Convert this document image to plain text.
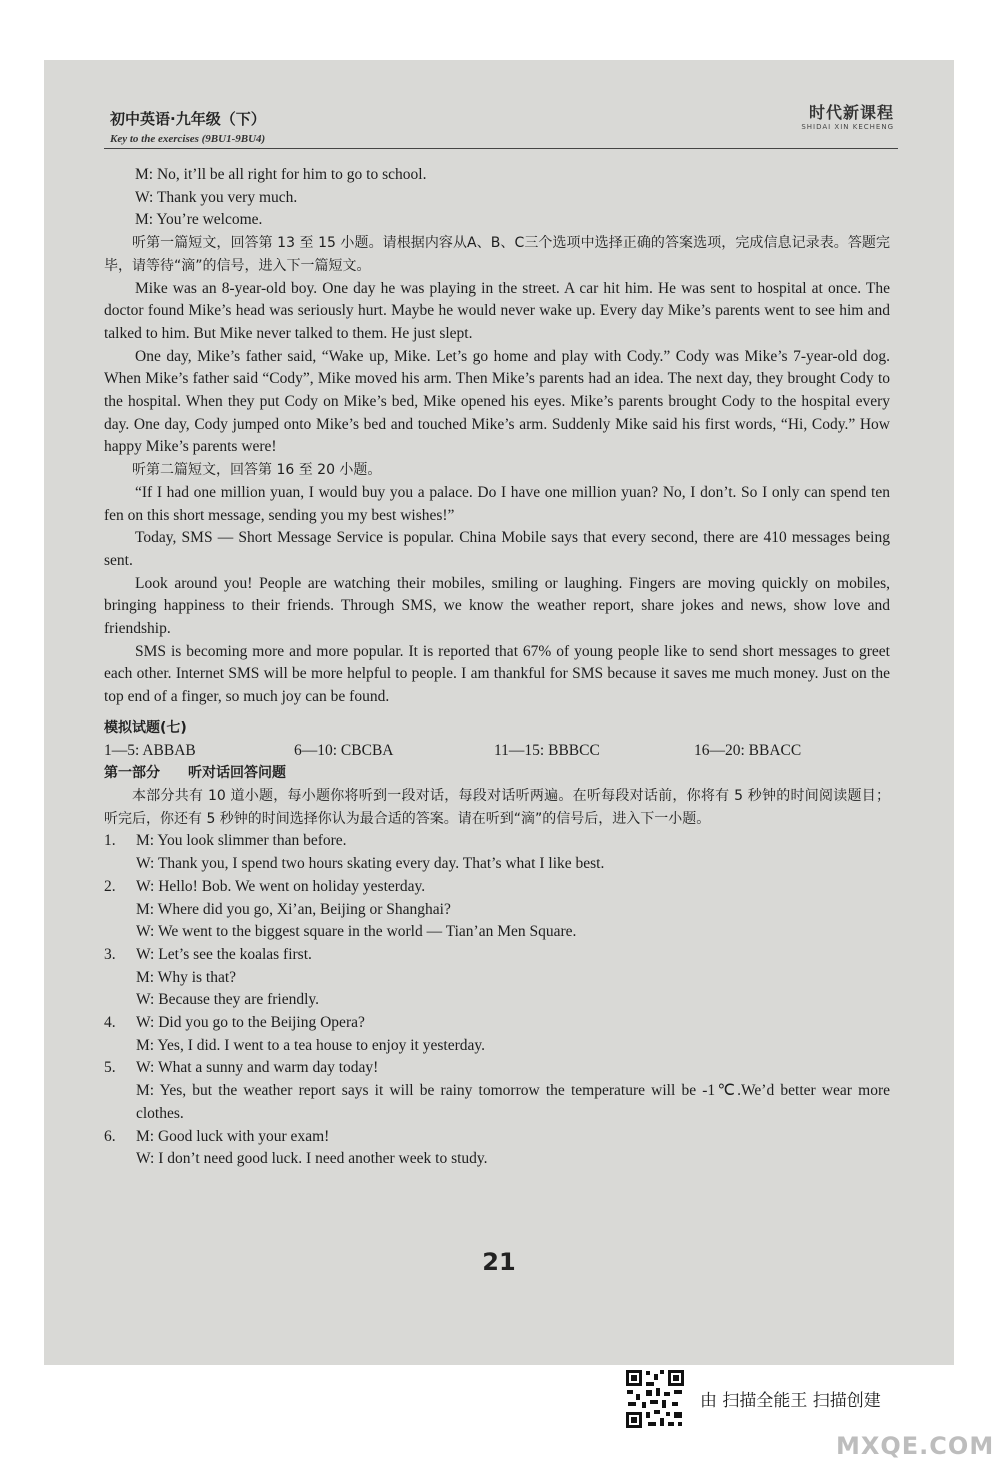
初中英语·九年级（下）
Key to the exercises (9BU1-9BU4)
时代新课程
SHIDAI XIN KECHENG

M: No, it’ll be all right for him to go to school.

W: Thank you very much.

M: You’re welcome.

听第一篇短文，回答第 13 至 15 小题。请根据内容从A、B、C三个选项中选择正确的答案选项，完成信息记录表。答题完毕，请等待“滴”的信号，进入下一篇短文。

Mike was an 8-year-old boy. One day he was playing in the street. A car hit him. He was sent to hospital at once. The doctor found Mike’s head was seriously hurt. Maybe he would never wake up. Every day Mike’s parents went to see him and talked to him. But Mike never talked to them. He just slept.

One day, Mike’s father said, “Wake up, Mike. Let’s go home and play with Cody.” Cody was Mike’s 7-year-old dog. When Mike’s father said “Cody”, Mike moved his arm. Then Mike’s parents had an idea. The next day, they brought Cody to the hospital. When they put Cody on Mike’s bed, Mike opened his eyes. Mike’s parents brought Cody to the hospital every day. One day, Cody jumped onto Mike’s bed and touched Mike’s arm. Suddenly Mike said his first words, “Hi, Cody.” How happy Mike’s parents were!

听第二篇短文，回答第 16 至 20 小题。

“If I had one million yuan, I would buy you a palace. Do I have one million yuan? No, I don’t. So I only can spend ten fen on this short message, sending you my best wishes!”

Today, SMS — Short Message Service is popular. China Mobile says that every second, there are 410 messages being sent.

Look around you! People are watching their mobiles, smiling or laughing. Fingers are moving quickly on mobiles, bringing happiness to their friends. Through SMS, we know the weather report, share jokes and news, show love and friendship.

SMS is becoming more and more popular. It is reported that 67% of young people like to send short messages to greet each other. Internet SMS will be more helpful to people. I am thankful for SMS because it saves me much money. Just on the top end of a finger, so much joy can be found.

模拟试题(七)

1—5: ABBAB	6—10: CBCBA	11—15: BBBCC	16—20: BBACC

第一部分　　听对话回答问题

本部分共有 10 道小题，每小题你将听到一段对话，每段对话听两遍。在听每段对话前，你将有 5 秒钟的时间阅读题目；听完后，你还有 5 秒钟的时间选择你认为最合适的答案。请在听到“滴”的信号后，进入下一小题。

1.	M: You look slimmer than before.

W: Thank you, I spend two hours skating every day. That’s what I like best.

2.	W: Hello! Bob. We went on holiday yesterday.

M: Where did you go, Xi’an, Beijing or Shanghai?

W: We went to the biggest square in the world — Tian’an Men Square.

3.	W: Let’s see the koalas first.

M: Why is that?

W: Because they are friendly.

4.	W: Did you go to the Beijing Opera?

M: Yes, I did. I went to a tea house to enjoy it yesterday.

5.	W: What a sunny and warm day today!

M: Yes, but the weather report says it will be rainy tomorrow the temperature will be -1℃.We’d better wear more clothes.

6.	M: Good luck with your exam!

W: I don’t need good luck. I need another week to study.

21
由 扫描全能王 扫描创建
MXQE.COM
